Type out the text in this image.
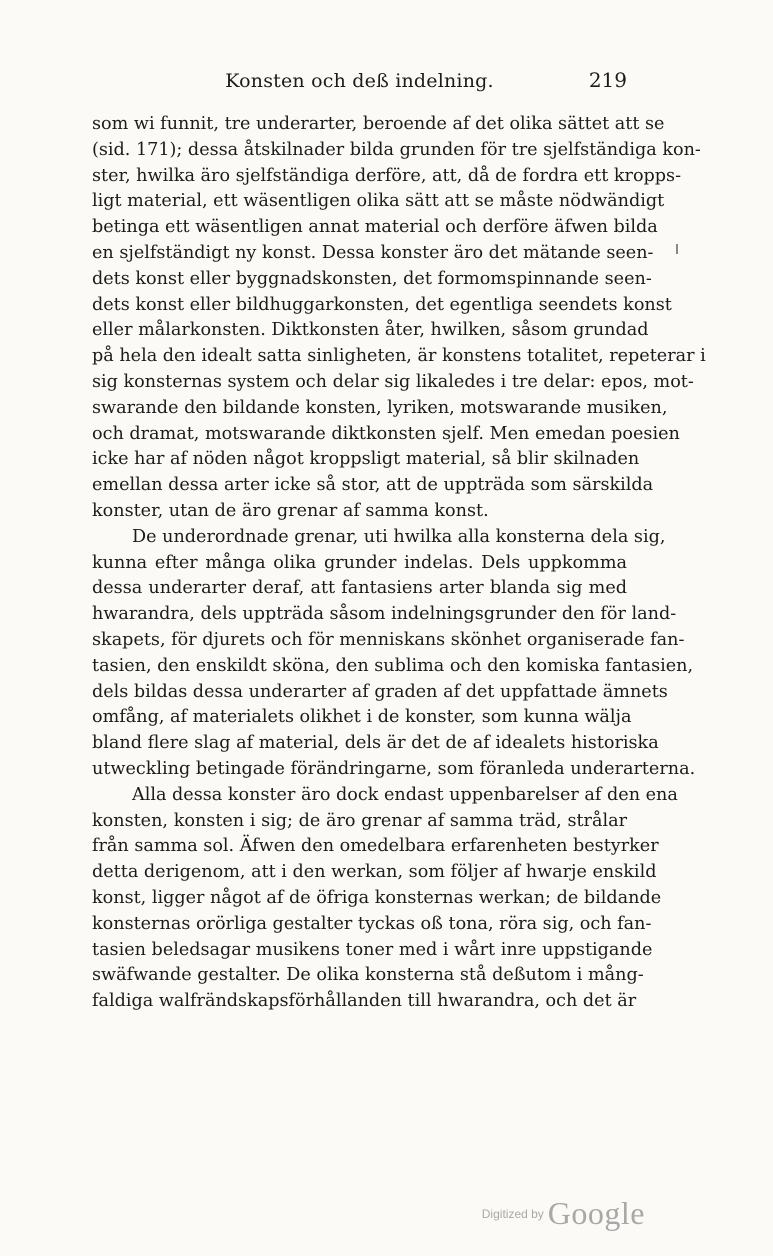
Konsten och deß indelning.	219

som wi funnit, tre underarter, beroende af det olika sättet att se
(sid. 171); dessa åtskilnader bilda grunden för tre sjelfständiga kon-
ster, hwilka äro sjelfständiga derföre, att, då de fordra ett kropps-
ligt material, ett wäsentligen olika sätt att se måste nödwändigt
betinga ett wäsentligen annat material och derföre äfwen bilda
en sjelfständigt ny konst. Dessa konster äro det mätande seen-
dets konst eller byggnadskonsten, det formomspinnande seen-
dets konst eller bildhuggarkonsten, det egentliga seendets konst
eller målarkonsten. Diktkonsten åter, hwilken, såsom grundad
på hela den idealt satta sinligheten, är konstens totalitet, repeterar i
sig konsternas system och delar sig likaledes i tre delar: epos, mot-
swarande den bildande konsten, lyriken, motswarande musiken,
och dramat, motswarande diktkonsten sjelf. Men emedan poesien
icke har af nöden något kroppsligt material, så blir skilnaden
emellan dessa arter icke så stor, att de uppträda som särskilda
konster, utan de äro grenar af samma konst.

De underordnade grenar, uti hwilka alla konsterna dela sig,
kunna efter många olika grunder indelas. Dels uppkomma
dessa underarter deraf, att fantasiens arter blanda sig med
hwarandra, dels uppträda såsom indelningsgrunder den för land-
skapets, för djurets och för menniskans skönhet organiserade fan-
tasien, den enskildt sköna, den sublima och den komiska fantasien,
dels bildas dessa underarter af graden af det uppfattade ämnets
omfång, af materialets olikhet i de konster, som kunna wälja
bland flere slag af material, dels är det de af idealets historiska
utweckling betingade förändringarne, som föranleda underarterna.

Alla dessa konster äro dock endast uppenbarelser af den ena
konsten, konsten i sig; de äro grenar af samma träd, strålar
från samma sol. Äfwen den omedelbara erfarenheten bestyrker
detta derigenom, att i den werkan, som följer af hwarje enskild
konst, ligger något af de öfriga konsternas werkan; de bildande
konsternas orörliga gestalter tyckas oß tona, röra sig, och fan-
tasien beledsagar musikens toner med i wårt inre uppstigande
swäfwande gestalter. De olika konsterna stå deßutom i mång-
faldiga walfrändskapsförhållanden till hwarandra, och det är

$^{Digitized by}$ Google
